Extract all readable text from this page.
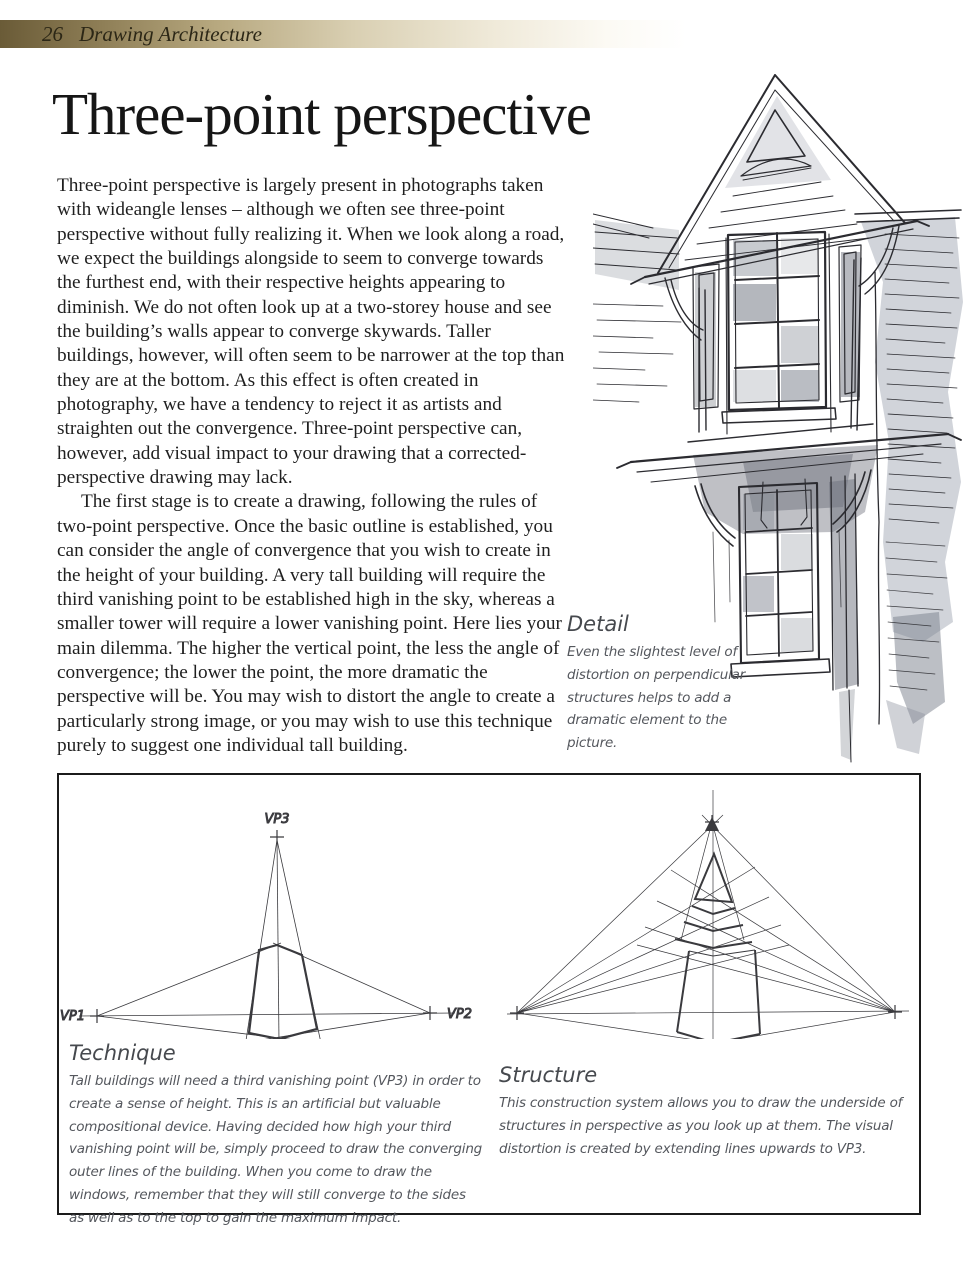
26 Drawing Architecture
Three-point perspective

Three-point perspective is largely present in photographs taken with wideangle lenses – although we often see three-point perspective without fully realizing it. When we look along a road, we expect the buildings alongside to seem to converge towards the furthest end, with their respective heights appearing to diminish. We do not often look up at a two-storey house and see the building’s walls appear to converge skywards. Taller buildings, however, will often seem to be narrower at the top than they are at the bottom. As this effect is often created in photography, we have a tendency to reject it as artists and straighten out the convergence. Three-point perspective can, however, add visual impact to your drawing that a corrected-perspective drawing may lack.

The first stage is to create a drawing, following the rules of two-point perspective. Once the basic outline is established, you can consider the angle of convergence that you wish to create in the height of your building. A very tall building will require the third vanishing point to be established high in the sky, whereas a smaller tower will require a lower vanishing point. Here lies your main dilemma. The higher the vertical point, the less the angle of convergence; the lower the point, the more dramatic the perspective will be. You may wish to distort the angle to create a particularly strong image, or you may wish to use this technique purely to suggest one individual tall building.

Detail
Even the slightest level of distortion on perpendicular structures helps to add a dramatic element to the picture.
VP3
VP1	VP2
Technique
Tall buildings will need a third vanishing point (VP3) in order to create a sense of height. This is an artificial but valuable compositional device. Having decided how high your third vanishing point will be, simply proceed to draw the converging outer lines of the building. When you come to draw the windows, remember that they will still converge to the sides as well as to the top to gain the maximum impact.
Structure
This construction system allows you to draw the underside of structures in perspective as you look up at them. The visual distortion is created by extending lines upwards to VP3.
